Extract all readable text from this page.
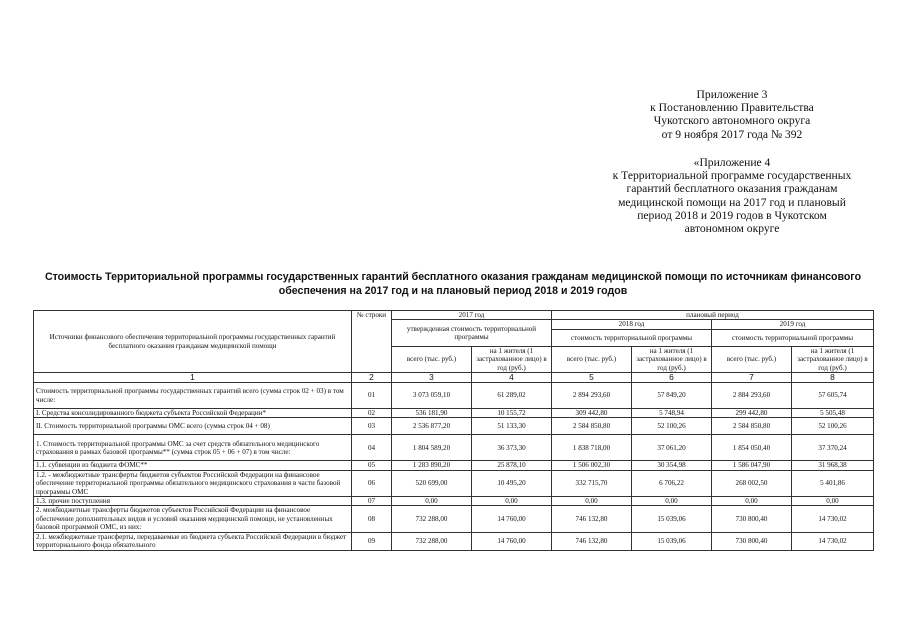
Приложение 3
к Постановлению Правительства
Чукотского автономного округа
от 9 ноября 2017 года № 392
«Приложение 4
к Территориальной программе государственных
гарантий бесплатного оказания гражданам
медицинской помощи на 2017 год и плановый
период 2018 и 2019 годов в Чукотском
автономном округе
Стоимость Территориальной программы государственных гарантий бесплатного оказания гражданам медицинской помощи по источникам финансового
обеспечения на 2017 год и на плановый период 2018 и 2019 годов
Источники финансового обеспечения территориальной программы государственных гарантий бесплатного оказания гражданам медицинской помощи	№ строки	2017 год		плановый период			
		утвержденная стоимость территориальной программы		2018 год		2019 год	
				стоимость территориальной программы		стоимость территориальной программы	
		всего (тыс. руб.)	на 1 жителя (1 застрахованное лицо) в год (руб.)	всего (тыс. руб.)	на 1 жителя (1 застрахованное лицо) в год (руб.)	всего (тыс. руб.)	на 1 жителя (1 застрахованное лицо) в год (руб.)
1	2	3	4	5	6	7	8
Стоимость территориальной программы государственных гарантий всего (сумма строк 02 + 03) в том числе:	01	3 073 059,10	61 289,02	2 894 293,60	57 849,20	2 884 293,60	57 605,74
I. Средства консолидированного бюджета субъекта Российской Федерации*	02	536 181,90	10 155,72	309 442,80	5 748,94	299 442,80	5 505,48
II. Стоимость территориальной программы ОМС всего (сумма строк 04 + 08)	03	2 536 877,20	51 133,30	2 584 850,80	52 100,26	2 584 850,80	52 100,26
1. Стоимость территориальной программы ОМС за счет средств обязательного медицинского страхования в рамках базовой программы** (сумма строк 05 + 06 + 07) в том числе:	04	1 804 589,20	36 373,30	1 838 718,00	37 061,20	1 854 050,40	37 370,24
1.1. субвенции из бюджета ФОМС**	05	1 283 890,20	25 878,10	1 506 002,30	30 354,98	1 586 047,90	31 968,38
1.2. - межбюджетные трансферты бюджетов субъектов Российской Федерации на финансовое обеспечение территориальной программы обязательного медицинского страхования в части базовой программы ОМС	06	520 699,00	10 495,20	332 715,70	6 706,22	268 002,50	5 401,86
1.3. прочие поступления	07	0,00	0,00	0,00	0,00	0,00	0,00
2. межбюджетные трансферты бюджетов субъектов Российской Федерации на финансовое обеспечение дополнительных видов и условий оказания медицинской помощи, не установленных базовой программой ОМС, из них:	08	732 288,00	14 760,00	746 132,80	15 039,06	730 800,40	14 730,02
2.1. межбюджетные трансферты, передаваемые из бюджета субъекта Российской Федерации в бюджет территориального фонда обязательного	09	732 288,00	14 760,00	746 132,80	15 039,06	730 800,40	14 730,02
